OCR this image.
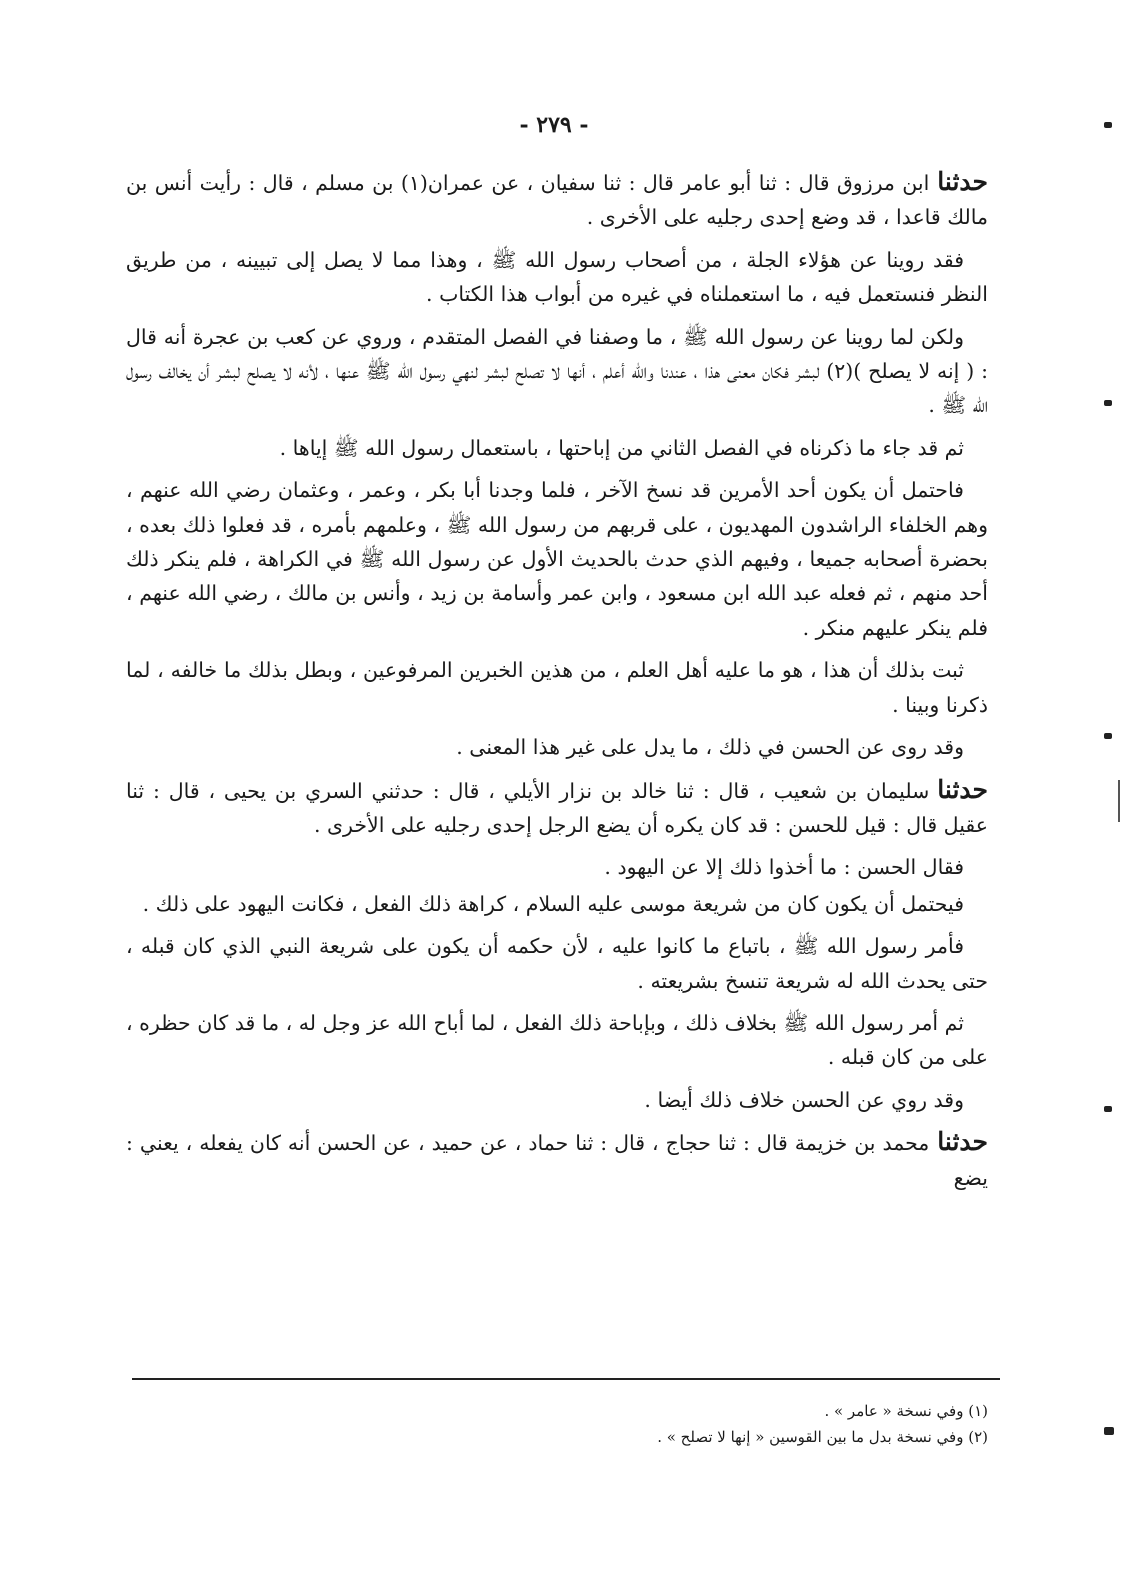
- ٢٧٩ -

حدثناابن مرزوق قال : ثنا أبو عامر قال : ثنا سفيان ، عن عمران(١) بن مسلم ، قال : رأيت أنس بن مالك قاعدا ، قد وضع إحدى رجليه على الأخرى .

فقد روينا عن هؤلاء الجلة ، من أصحاب رسول الله ﷺ ، وهذا مما لا يصل إلى تبيينه ، من طريق النظر فنستعمل فيه ، ما استعملناه في غيره من أبواب هذا الكتاب .

ولكن لما روينا عن رسول الله ﷺ ، ما وصفنا في الفصل المتقدم ، وروي عن كعب بن عجرة أنه قال : ( إنه لا يصلح )(٢) لبشر فكان معنى هذا ، عندنا والله أعلم ، أنها لا تصلح لبشر لنهي رسول الله ﷺ عنها ، لأنه لا يصلح لبشر أن يخالف رسول الله ﷺ .

ثم قد جاء ما ذكرناه في الفصل الثاني من إباحتها ، باستعمال رسول الله ﷺ إياها .

فاحتمل أن يكون أحد الأمرين قد نسخ الآخر ، فلما وجدنا أبا بكر ، وعمر ، وعثمان رضي الله عنهم ، وهم الخلفاء الراشدون المهديون ، على قربهم من رسول الله ﷺ ، وعلمهم بأمره ، قد فعلوا ذلك بعده ، بحضرة أصحابه جميعا ، وفيهم الذي حدث بالحديث الأول عن رسول الله ﷺ في الكراهة ، فلم ينكر ذلك أحد منهم ، ثم فعله عبد الله ابن مسعود ، وابن عمر وأسامة بن زيد ، وأنس بن مالك ، رضي الله عنهم ، فلم ينكر عليهم منكر .

ثبت بذلك أن هذا ، هو ما عليه أهل العلم ، من هذين الخبرين المرفوعين ، وبطل بذلك ما خالفه ، لما ذكرنا وبينا .

وقد روى عن الحسن في ذلك ، ما يدل على غير هذا المعنى .

حدثناسليمان بن شعيب ، قال : ثنا خالد بن نزار الأيلي ، قال : حدثني السري بن يحيى ، قال : ثنا عقيل قال : قيل للحسن : قد كان يكره أن يضع الرجل إحدى رجليه على الأخرى .

فقال الحسن : ما أخذوا ذلك إلا عن اليهود .

فيحتمل أن يكون كان من شريعة موسى عليه السلام ، كراهة ذلك الفعل ، فكانت اليهود على ذلك .

فأمر رسول الله ﷺ ، باتباع ما كانوا عليه ، لأن حكمه أن يكون على شريعة النبي الذي كان قبله ، حتى يحدث الله له شريعة تنسخ بشريعته .

ثم أمر رسول الله ﷺ بخلاف ذلك ، وبإباحة ذلك الفعل ، لما أباح الله عز وجل له ، ما قد كان حظره ، على من كان قبله .

وقد روي عن الحسن خلاف ذلك أيضا .

حدثنامحمد بن خزيمة قال : ثنا حجاج ، قال : ثنا حماد ، عن حميد ، عن الحسن أنه كان يفعله ، يعني : يضع

(١) وفي نسخة « عامر » .
(٢) وفي نسخة بدل ما بين القوسين « إنها لا تصلح » .
